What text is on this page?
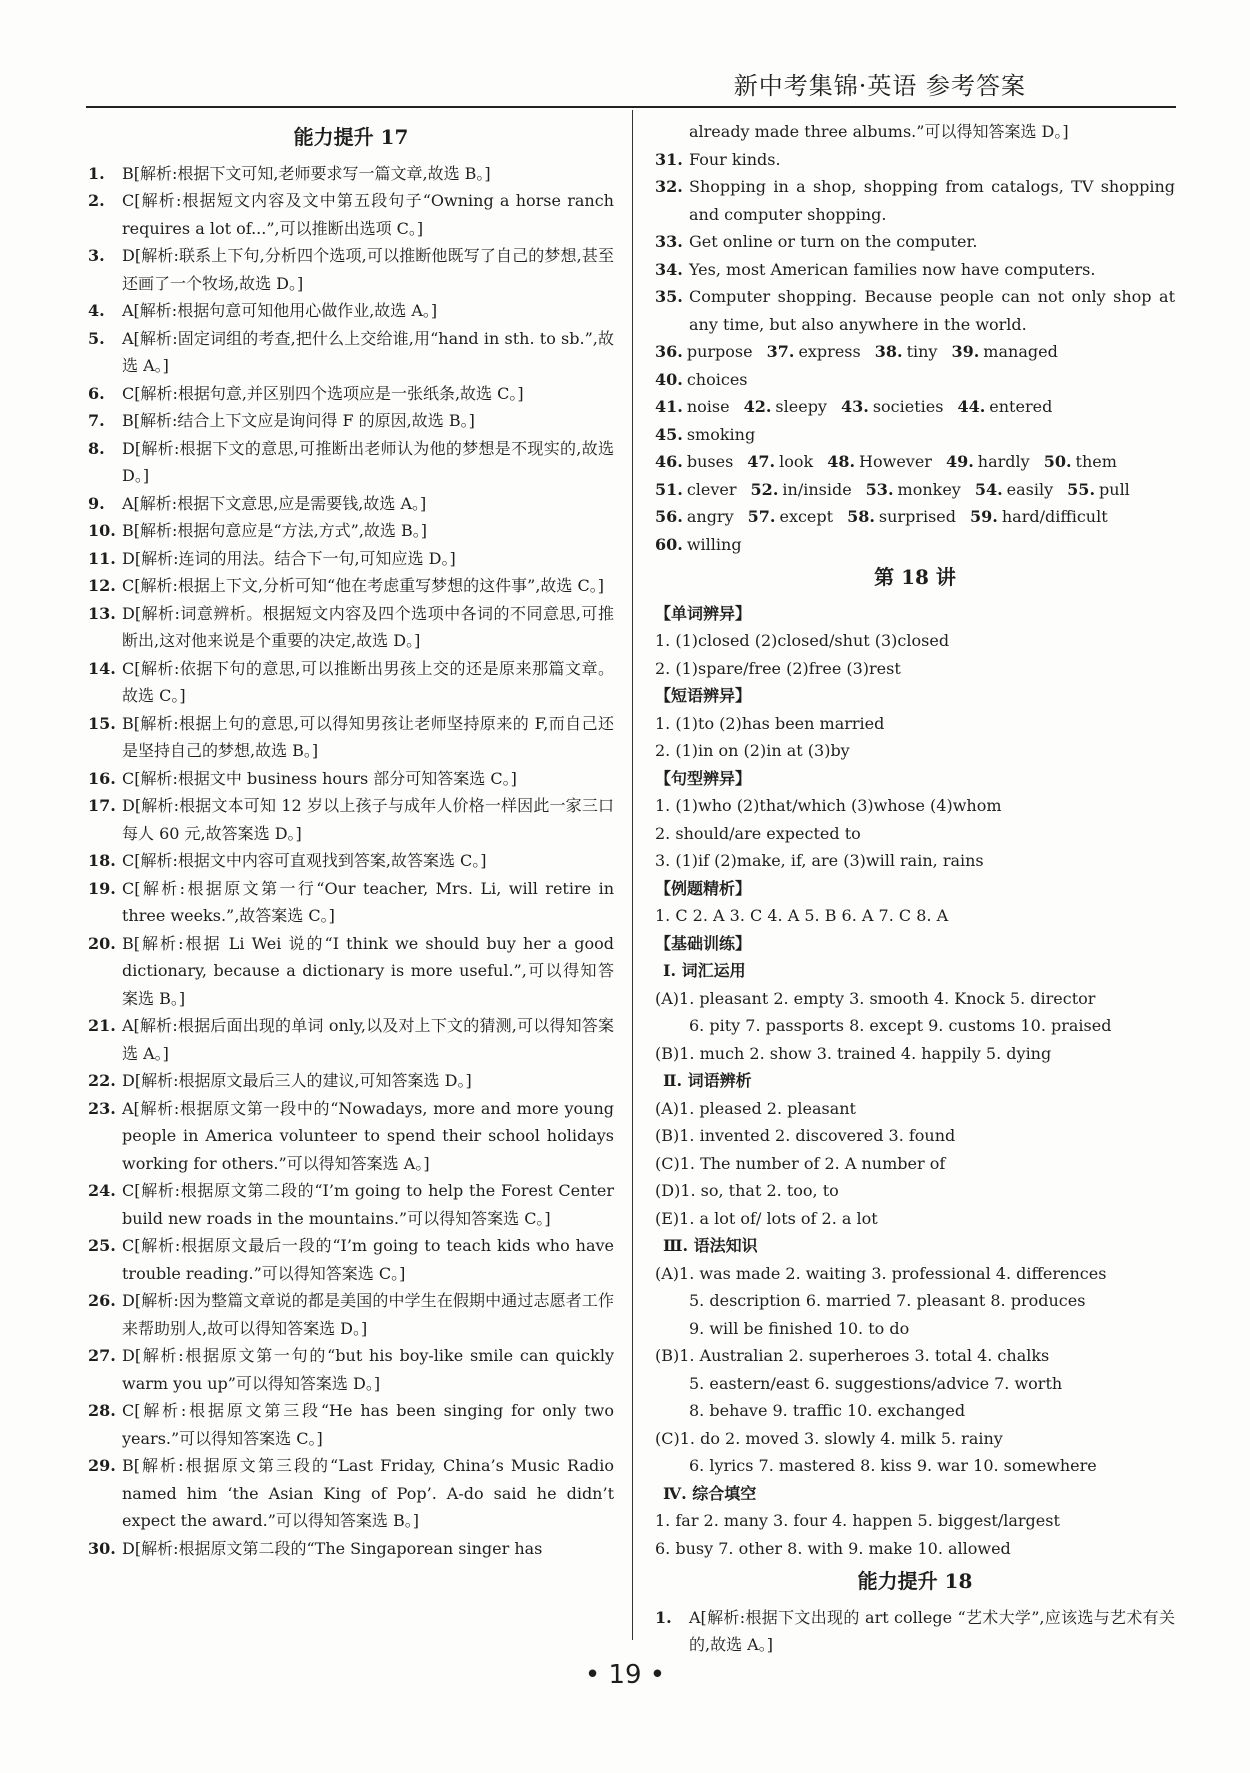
新中考集锦·英语 参考答案
能力提升 17
1.	B[解析:根据下文可知,老师要求写一篇文章,故选 B。]
2.	C[解析:根据短文内容及文中第五段句子“Owning a horse ranch requires a lot of...”,可以推断出选项 C。]
3.	D[解析:联系上下句,分析四个选项,可以推断他既写了自己的梦想,甚至还画了一个牧场,故选 D。]
4.	A[解析:根据句意可知他用心做作业,故选 A。]
5.	A[解析:固定词组的考查,把什么上交给谁,用“hand in sth. to sb.”,故选 A。]
6.	C[解析:根据句意,并区别四个选项应是一张纸条,故选 C。]
7.	B[解析:结合上下文应是询问得 F 的原因,故选 B。]
8.	D[解析:根据下文的意思,可推断出老师认为他的梦想是不现实的,故选 D。]
9.	A[解析:根据下文意思,应是需要钱,故选 A。]
10. B[解析:根据句意应是“方法,方式”,故选 B。]
11. D[解析:连词的用法。结合下一句,可知应选 D。]
12. C[解析:根据上下文,分析可知“他在考虑重写梦想的这件事”,故选 C。]
13. D[解析:词意辨析。根据短文内容及四个选项中各词的不同意思,可推断出,这对他来说是个重要的决定,故选 D。]
14. C[解析:依据下句的意思,可以推断出男孩上交的还是原来那篇文章。故选 C。]
15. B[解析:根据上句的意思,可以得知男孩让老师坚持原来的 F,而自己还是坚持自己的梦想,故选 B。]
16. C[解析:根据文中 business hours 部分可知答案选 C。]
17. D[解析:根据文本可知 12 岁以上孩子与成年人价格一样因此一家三口每人 60 元,故答案选 D。]
18. C[解析:根据文中内容可直观找到答案,故答案选 C。]
19. C[解析:根据原文第一行“Our teacher, Mrs. Li, will retire in three weeks.”,故答案选 C。]
20. B[解析:根据 Li Wei 说的“I think we should buy her a good dictionary, because a dictionary is more useful.”,可以得知答案选 B。]
21. A[解析:根据后面出现的单词 only,以及对上下文的猜测,可以得知答案选 A。]
22. D[解析:根据原文最后三人的建议,可知答案选 D。]
23. A[解析:根据原文第一段中的“Nowadays, more and more young people in America volunteer to spend their school holidays working for others.”可以得知答案选 A。]
24. C[解析:根据原文第二段的“I’m going to help the Forest Center build new roads in the mountains.”可以得知答案选 C。]
25. C[解析:根据原文最后一段的“I’m going to teach kids who have trouble reading.”可以得知答案选 C。]
26. D[解析:因为整篇文章说的都是美国的中学生在假期中通过志愿者工作来帮助别人,故可以得知答案选 D。]
27. D[解析:根据原文第一句的“but his boy-like smile can quickly warm you up”可以得知答案选 D。]
28. C[解析:根据原文第三段“He has been singing for only two years.”可以得知答案选 C。]
29. B[解析:根据原文第三段的“Last Friday, China’s Music Radio named him ‘the Asian King of Pop’. A-do said he didn’t expect the award.”可以得知答案选 B。]
30. D[解析:根据原文第二段的“The Singaporean singer has
already made three albums.”可以得知答案选 D。]
31. Four kinds.
32. Shopping in a shop, shopping from catalogs, TV shopping and computer shopping.
33. Get online or turn on the computer.
34. Yes, most American families now have computers.
35. Computer shopping. Because people can not only shop at any time, but also anywhere in the world.
36. purpose 37. express 38. tiny 39. managed
40. choices
41. noise 42. sleepy 43. societies 44. entered
45. smoking
46. buses 47. look 48. However 49. hardly 50. them
51. clever 52. in/inside 53. monkey 54. easily 55. pull
56. angry 57. except 58. surprised 59. hard/difficult
60. willing
第 18 讲
【单词辨异】
1. (1)closed (2)closed/shut (3)closed
2. (1)spare/free (2)free (3)rest
【短语辨异】
1. (1)to (2)has been married
2. (1)in on (2)in at (3)by
【句型辨异】
1. (1)who (2)that/which (3)whose (4)whom
2. should/are expected to
3. (1)if (2)make, if, are (3)will rain, rains
【例题精析】
1. C 2. A 3. C 4. A 5. B 6. A 7. C 8. A
【基础训练】
Ⅰ. 词汇运用
(A)1. pleasant 2. empty 3. smooth 4. Knock 5. director
6. pity 7. passports 8. except 9. customs 10. praised
(B)1. much 2. show 3. trained 4. happily 5. dying
Ⅱ. 词语辨析
(A)1. pleased 2. pleasant
(B)1. invented 2. discovered 3. found
(C)1. The number of 2. A number of
(D)1. so, that 2. too, to
(E)1. a lot of/ lots of 2. a lot
Ⅲ. 语法知识
(A)1. was made 2. waiting 3. professional 4. differences
5. description 6. married 7. pleasant 8. produces
9. will be finished 10. to do
(B)1. Australian 2. superheroes 3. total 4. chalks
5. eastern/east 6. suggestions/advice 7. worth
8. behave 9. traffic 10. exchanged
(C)1. do 2. moved 3. slowly 4. milk 5. rainy
6. lyrics 7. mastered 8. kiss 9. war 10. somewhere
Ⅳ. 综合填空
1. far 2. many 3. four 4. happen 5. biggest/largest
6. busy 7. other 8. with 9. make 10. allowed
能力提升 18
1.	A[解析:根据下文出现的 art college “艺术大学”,应该选与艺术有关的,故选 A。]
• 19 •
